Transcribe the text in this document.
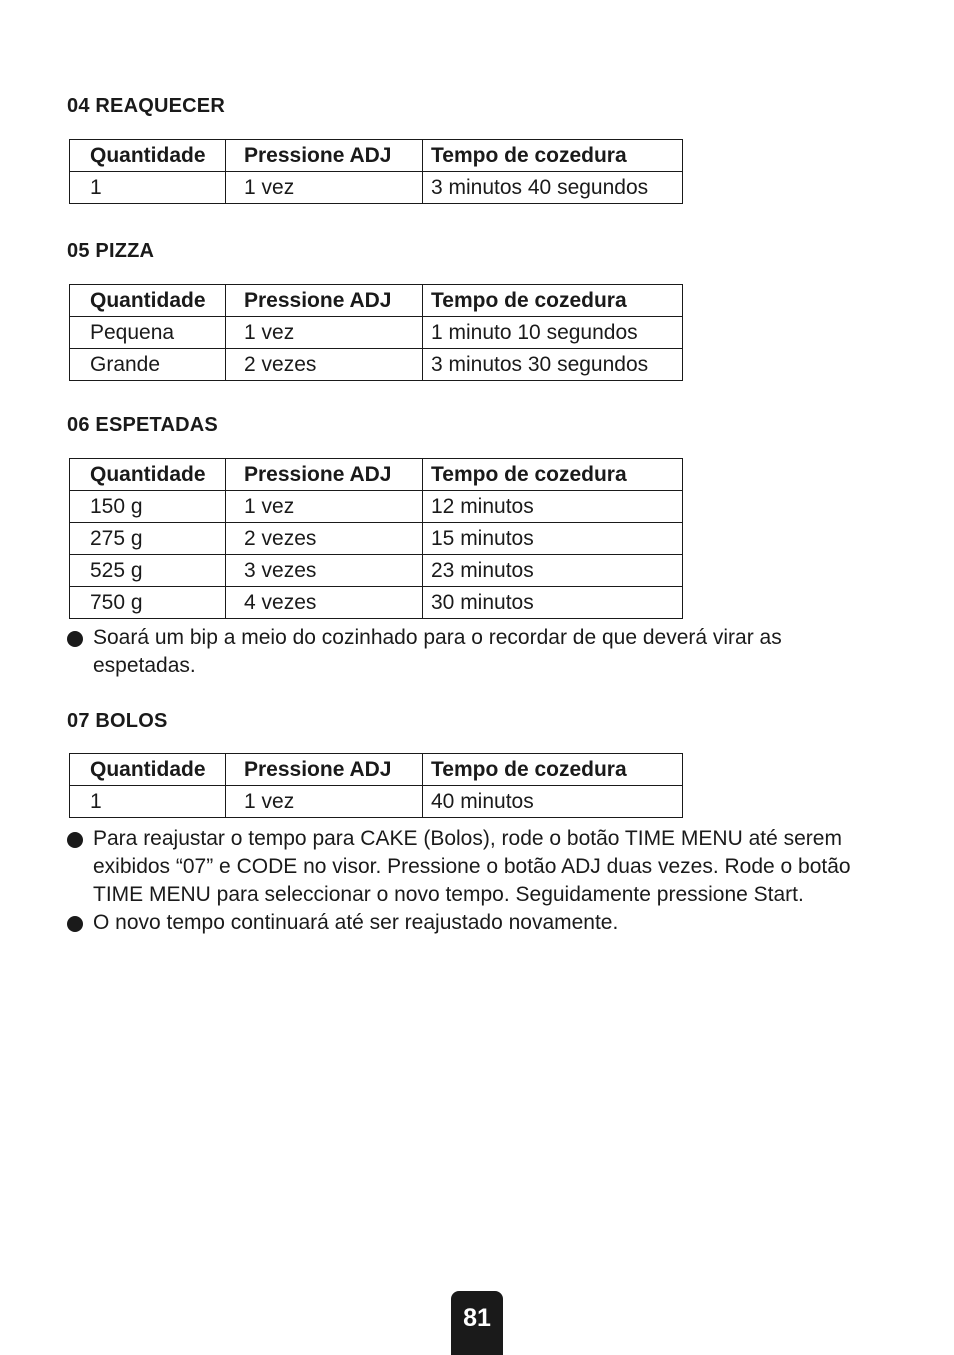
04 REAQUECER
Quantidade	Pressione ADJ	Tempo de cozedura
1	1 vez	3 minutos 40 segundos
05 PIZZA
Quantidade	Pressione ADJ	Tempo de cozedura
Pequena	1 vez	1 minuto 10 segundos
Grande	2 vezes	3 minutos 30 segundos
06 ESPETADAS
Quantidade	Pressione ADJ	Tempo de cozedura
150 g	1 vez	12 minutos
275 g	2 vezes	15 minutos
525 g	3 vezes	23 minutos
750 g	4 vezes	30 minutos
Soará um bip a meio do cozinhado para o recordar de que deverá virar as espetadas.
07 BOLOS
Quantidade	Pressione ADJ	Tempo de cozedura
1	1 vez	40 minutos
Para reajustar o tempo para CAKE (Bolos), rode o botão TIME MENU até serem exibidos “07” e CODE no visor. Pressione o botão ADJ duas vezes. Rode o botão TIME MENU para seleccionar o novo tempo. Seguidamente pressione Start.
O novo tempo continuará até ser reajustado novamente.
81
